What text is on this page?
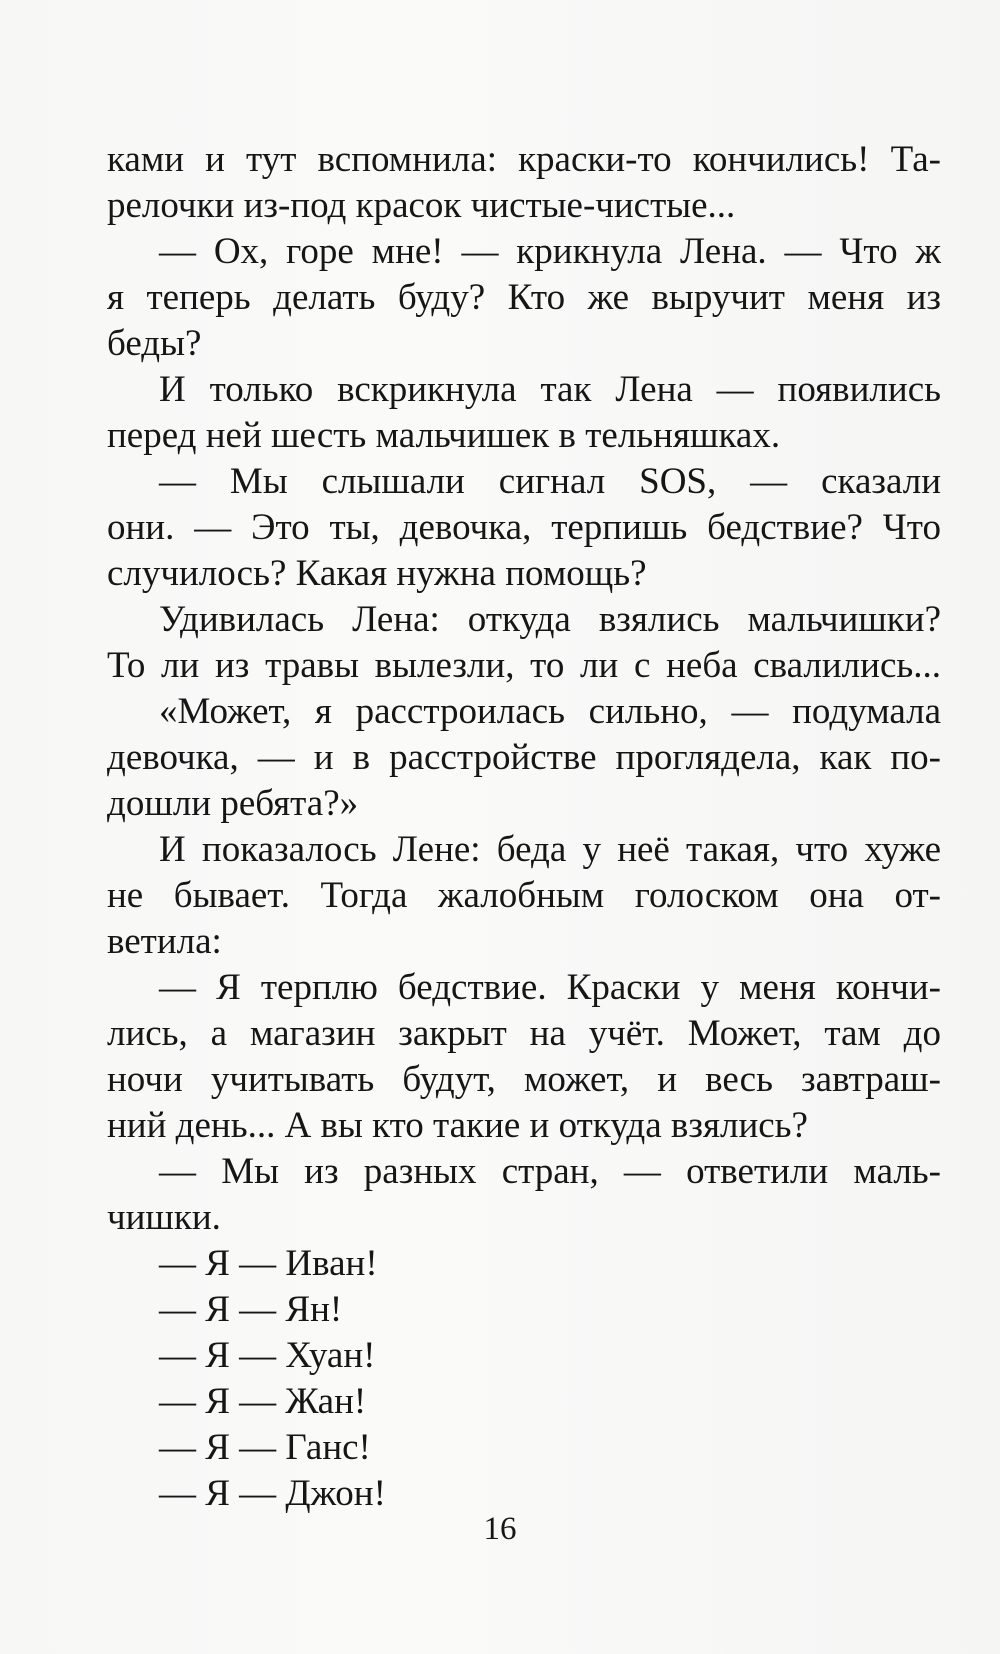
ками и тут вспомнила: краски-то кончились! Та-
релочки из-под красок чистые-чистые...
— Ох, горе мне! — крикнула Лена. — Что ж
я теперь делать буду? Кто же выручит меня из
беды?
И только вскрикнула так Лена — появились
перед ней шесть мальчишек в тельняшках.
— Мы слышали сигнал SOS, — сказали
они. — Это ты, девочка, терпишь бедствие? Что
случилось? Какая нужна помощь?
Удивилась Лена: откуда взялись мальчишки?
То ли из травы вылезли, то ли с неба свалились...
«Может, я расстроилась сильно, — подумала
девочка, — и в расстройстве проглядела, как по-
дошли ребята?»
И показалось Лене: беда у неё такая, что хуже
не бывает. Тогда жалобным голоском она от-
ветила:
— Я терплю бедствие. Краски у меня кончи-
лись, а магазин закрыт на учёт. Может, там до
ночи учитывать будут, может, и весь завтраш-
ний день... А вы кто такие и откуда взялись?
— Мы из разных стран, — ответили маль-
чишки.
— Я — Иван!
— Я — Ян!
— Я — Хуан!
— Я — Жан!
— Я — Ганс!
— Я — Джон!
16
